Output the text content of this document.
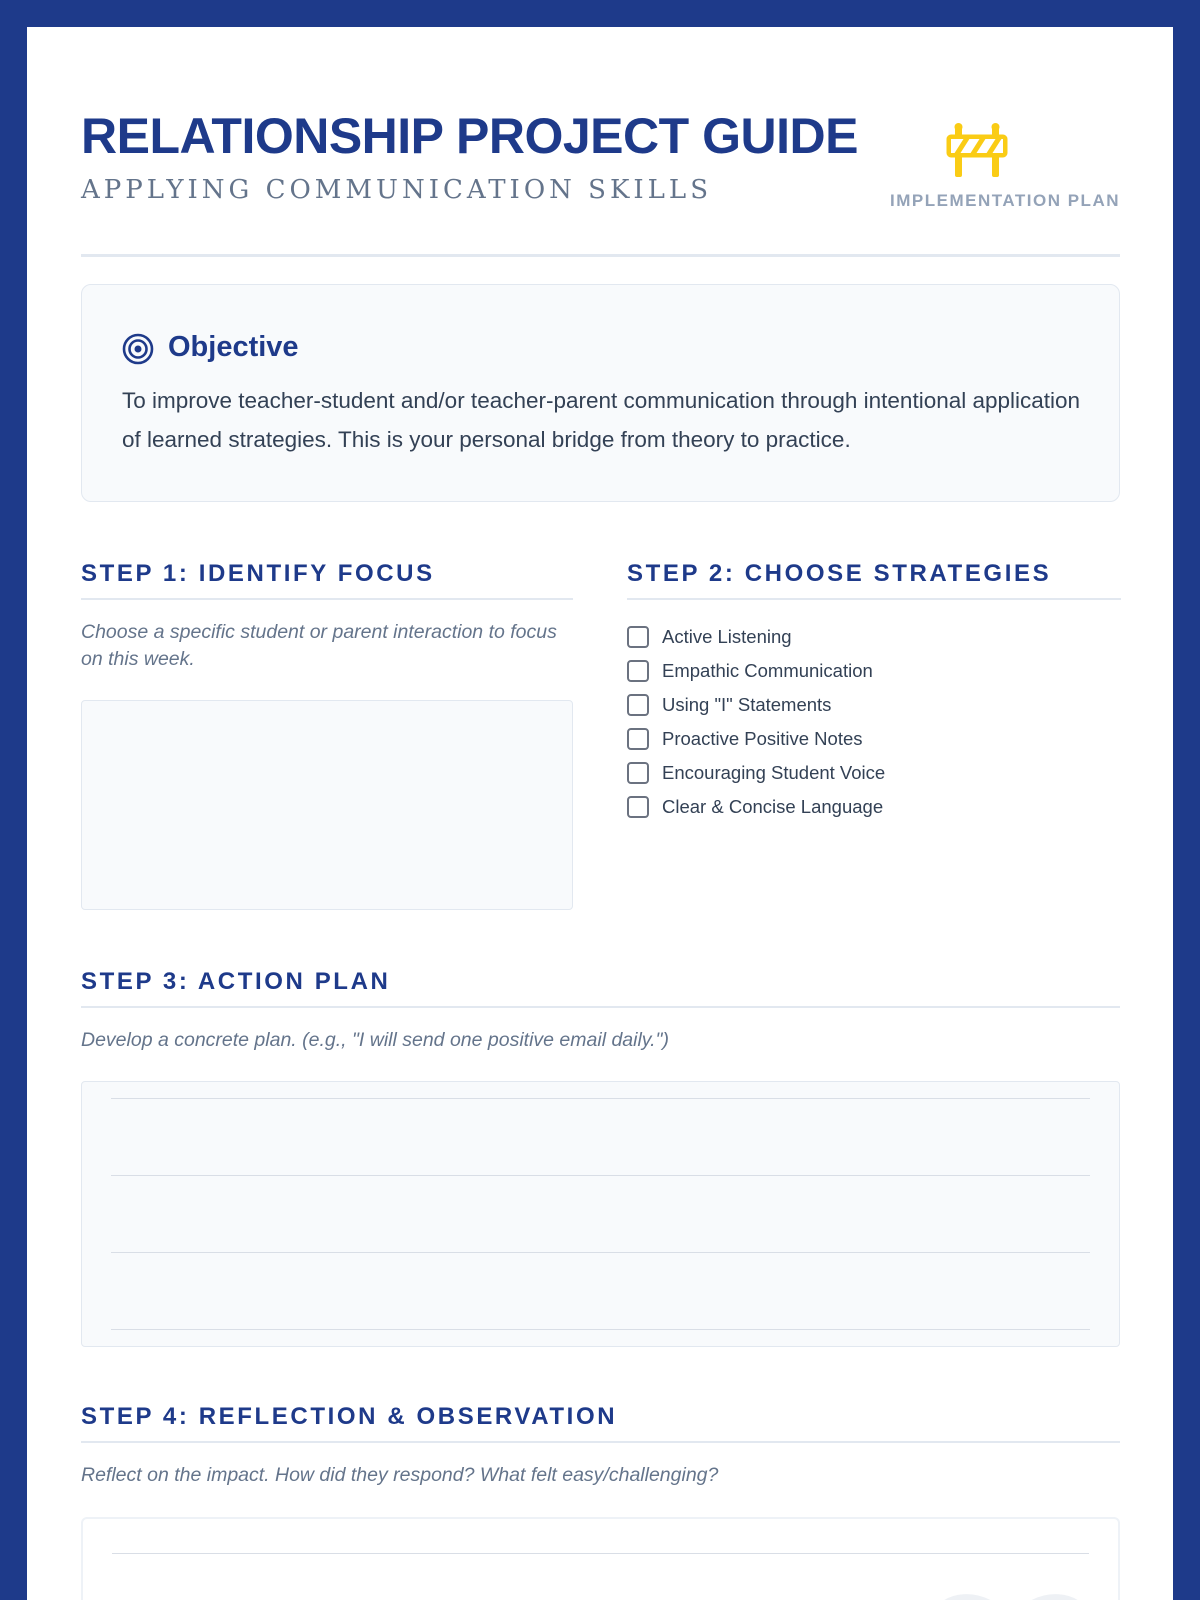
RELATIONSHIP PROJECT GUIDE
APPLYING COMMUNICATION SKILLS	IMPLEMENTATION PLAN
Objective

To improve teacher-student and/or teacher-parent communication through intentional application of learned strategies. This is your personal bridge from theory to practice.

STEP 1: IDENTIFY FOCUS

Choose a specific student or parent interaction to focus on this week.

STEP 2: CHOOSE STRATEGIES
Active Listening
Empathic Communication
Using "I" Statements
Proactive Positive Notes
Encouraging Student Voice
Clear & Concise Language
STEP 3: ACTION PLAN

Develop a concrete plan. (e.g., "I will send one positive email daily.")

STEP 4: REFLECTION & OBSERVATION

Reflect on the impact. How did they respond? What felt easy/challenging?
